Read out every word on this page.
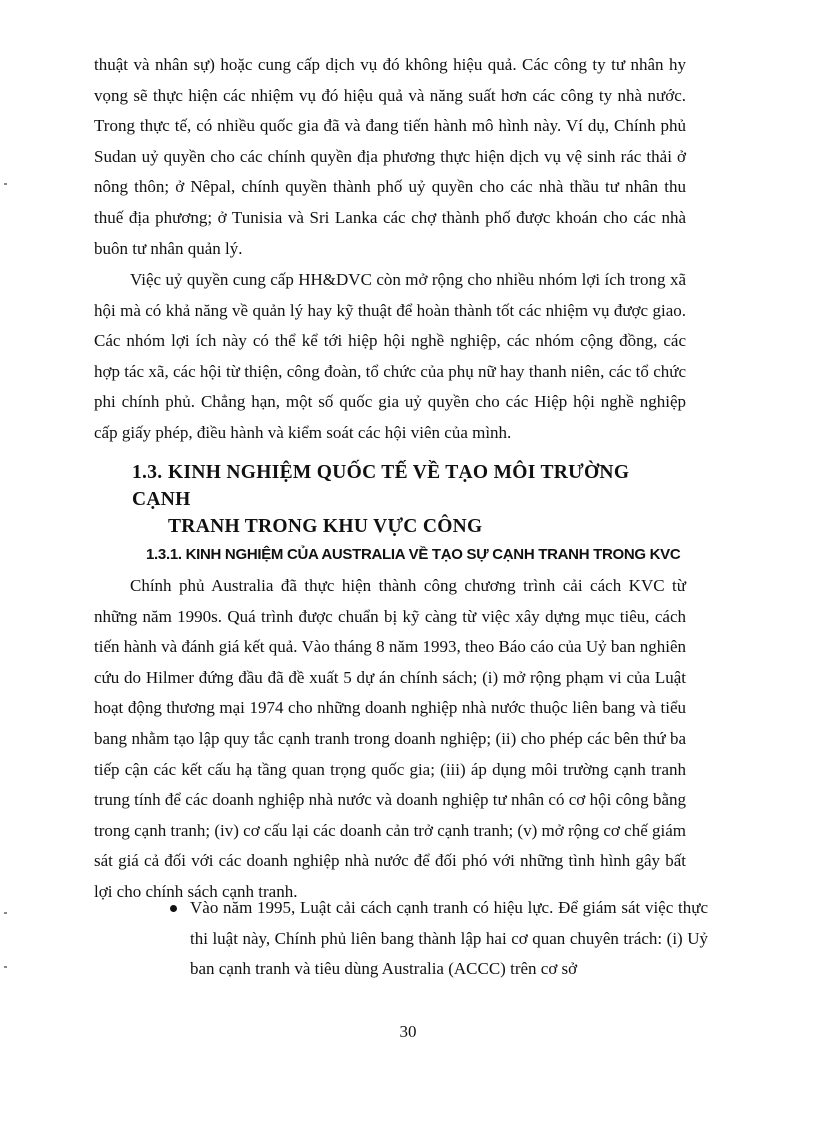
thuật và nhân sự) hoặc cung cấp dịch vụ đó không hiệu quả. Các công ty tư nhân hy vọng sẽ thực hiện các nhiệm vụ đó hiệu quả và năng suất hơn các công ty nhà nước. Trong thực tế, có nhiều quốc gia đã và đang tiến hành mô hình này. Ví dụ, Chính phủ Sudan uỷ quyền cho các chính quyền địa phương thực hiện dịch vụ vệ sinh rác thải ở nông thôn; ở Nêpal, chính quyền thành phố uỷ quyền cho các nhà thầu tư nhân thu thuế địa phương; ở Tunisia và Sri Lanka các chợ thành phố được khoán cho các nhà buôn tư nhân quản lý.

Việc uỷ quyền cung cấp HH&DVC còn mở rộng cho nhiều nhóm lợi ích trong xã hội mà có khả năng về quản lý hay kỹ thuật để hoàn thành tốt các nhiệm vụ được giao. Các nhóm lợi ích này có thể kể tới hiệp hội nghề nghiệp, các nhóm cộng đồng, các hợp tác xã, các hội từ thiện, công đoàn, tổ chức của phụ nữ hay thanh niên, các tổ chức phi chính phủ. Chẳng hạn, một số quốc gia uỷ quyền cho các Hiệp hội nghề nghiệp cấp giấy phép, điều hành và kiểm soát các hội viên của mình.

1.3. KINH NGHIỆM QUỐC TẾ VỀ TẠO MÔI TRƯỜNG CẠNH
TRANH TRONG KHU VỰC CÔNG
1.3.1. KINH NGHIỆM CỦA AUSTRALIA VỀ TẠO SỰ CẠNH TRANH TRONG KVC

Chính phủ Australia đã thực hiện thành công chương trình cải cách KVC từ những năm 1990s. Quá trình được chuẩn bị kỹ càng từ việc xây dựng mục tiêu, cách tiến hành và đánh giá kết quả. Vào tháng 8 năm 1993, theo Báo cáo của Uỷ ban nghiên cứu do Hilmer đứng đầu đã đề xuất 5 dự án chính sách; (i) mở rộng phạm vi của Luật hoạt động thương mại 1974 cho những doanh nghiệp nhà nước thuộc liên bang và tiểu bang nhằm tạo lập quy tắc cạnh tranh trong doanh nghiệp; (ii) cho phép các bên thứ ba tiếp cận các kết cấu hạ tầng quan trọng quốc gia; (iii) áp dụng môi trường cạnh tranh trung tính để các doanh nghiệp nhà nước và doanh nghiệp tư nhân có cơ hội công bằng trong cạnh tranh; (iv) cơ cấu lại các doanh cản trở cạnh tranh; (v) mở rộng cơ chế giám sát giá cả đối với các doanh nghiệp nhà nước để đối phó với những tình hình gây bất lợi cho chính sách cạnh tranh.

Vào năm 1995, Luật cải cách cạnh tranh có hiệu lực. Để giám sát việc thực thi luật này, Chính phủ liên bang thành lập hai cơ quan chuyên trách: (i) Uỷ ban cạnh tranh và tiêu dùng Australia (ACCC) trên cơ sở

30
